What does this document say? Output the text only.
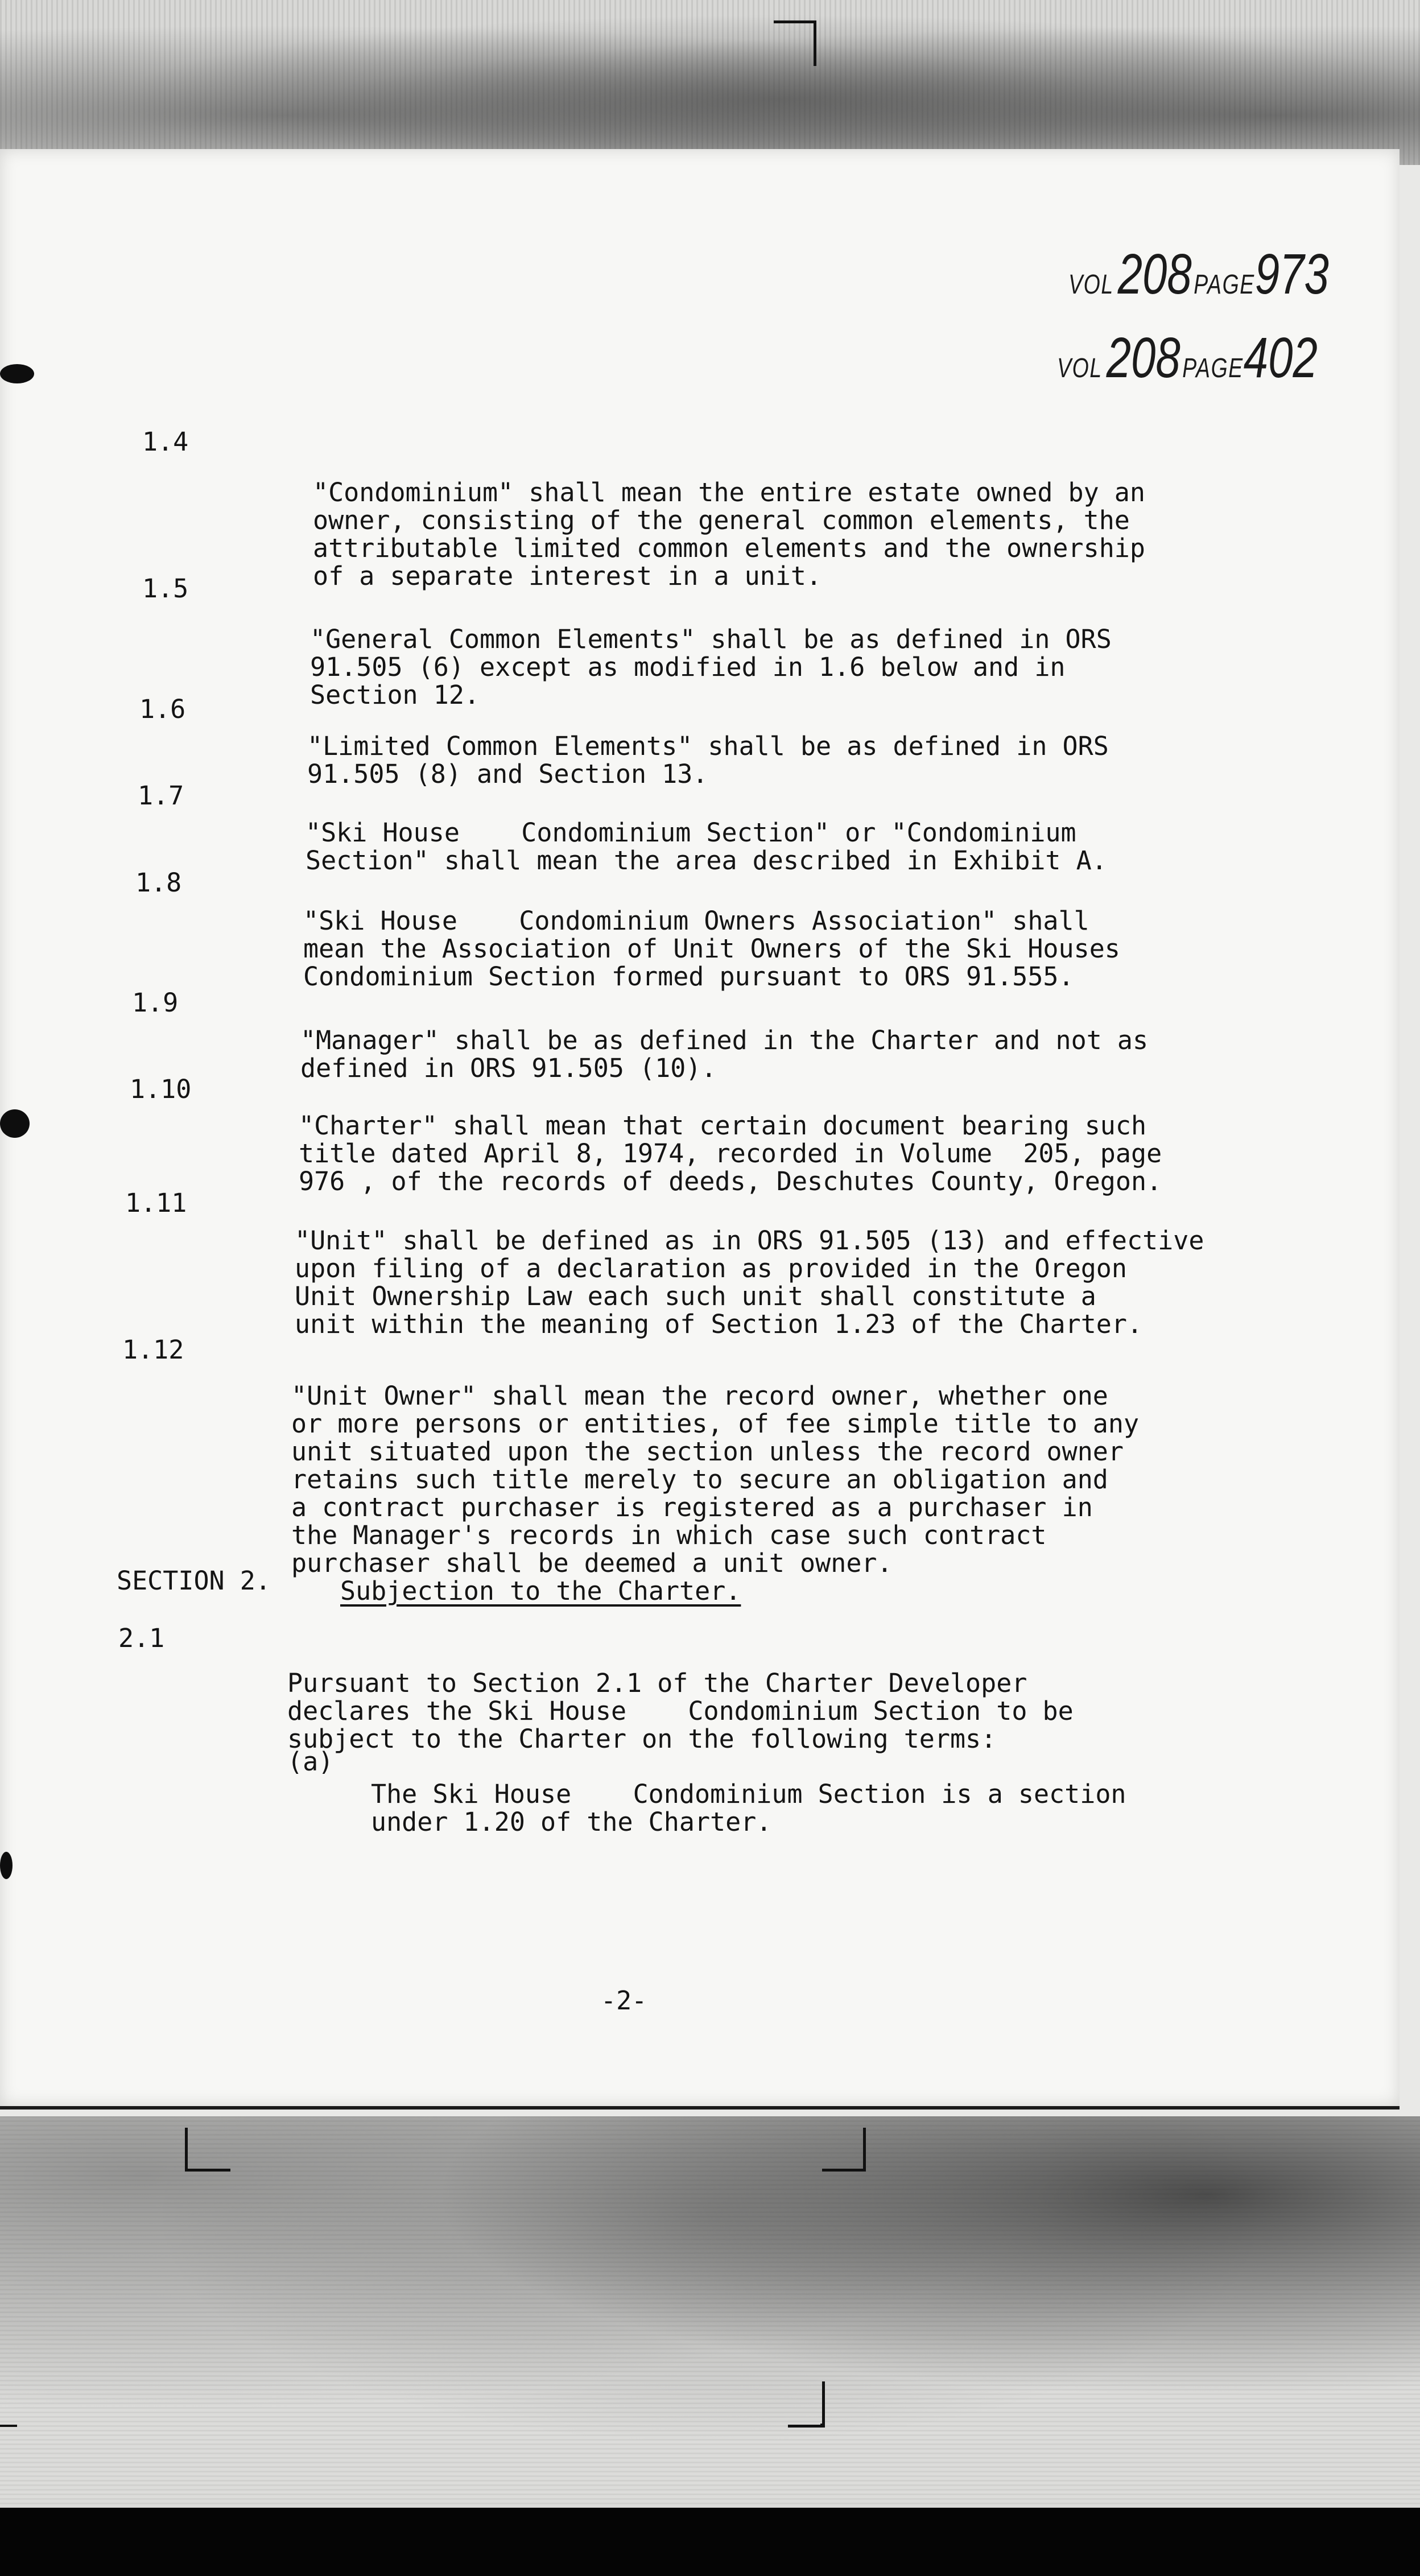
VOL  208 PAGE973
VOL  208 PAGE402
1.4

"Condominium" shall mean the entire estate owned by an
owner, consisting of the general common elements, the
attributable limited common elements and the ownership
of a separate interest in a unit.
1.5

"General Common Elements" shall be as defined in ORS
91.505 (6) except as modified in 1.6 below and in
Section 12.
1.6

"Limited Common Elements" shall be as defined in ORS
91.505 (8) and Section 13.
1.7

"Ski House    Condominium Section" or "Condominium
Section" shall mean the area described in Exhibit A.
1.8

"Ski House    Condominium Owners Association" shall
mean the Association of Unit Owners of the Ski Houses
Condominium Section formed pursuant to ORS 91.555.
1.9

"Manager" shall be as defined in the Charter and not as
defined in ORS 91.505 (10).
1.10

"Charter" shall mean that certain document bearing such
title dated April 8, 1974, recorded in Volume  205, page
976 , of the records of deeds, Deschutes County, Oregon.
1.11

"Unit" shall be defined as in ORS 91.505 (13) and effective
upon filing of a declaration as provided in the Oregon
Unit Ownership Law each such unit shall constitute a
unit within the meaning of Section 1.23 of the Charter.
1.12

"Unit Owner" shall mean the record owner, whether one
or more persons or entities, of fee simple title to any
unit situated upon the section unless the record owner
retains such title merely to secure an obligation and
a contract purchaser is registered as a purchaser in
the Manager's records in which case such contract
purchaser shall be deemed a unit owner.
SECTION 2.	Subjection to the Charter.
2.1

Pursuant to Section 2.1 of the Charter Developer
declares the Ski House    Condominium Section to be
subject to the Charter on the following terms:
(a)

The Ski House    Condominium Section is a section
under 1.20 of the Charter.
-2-
